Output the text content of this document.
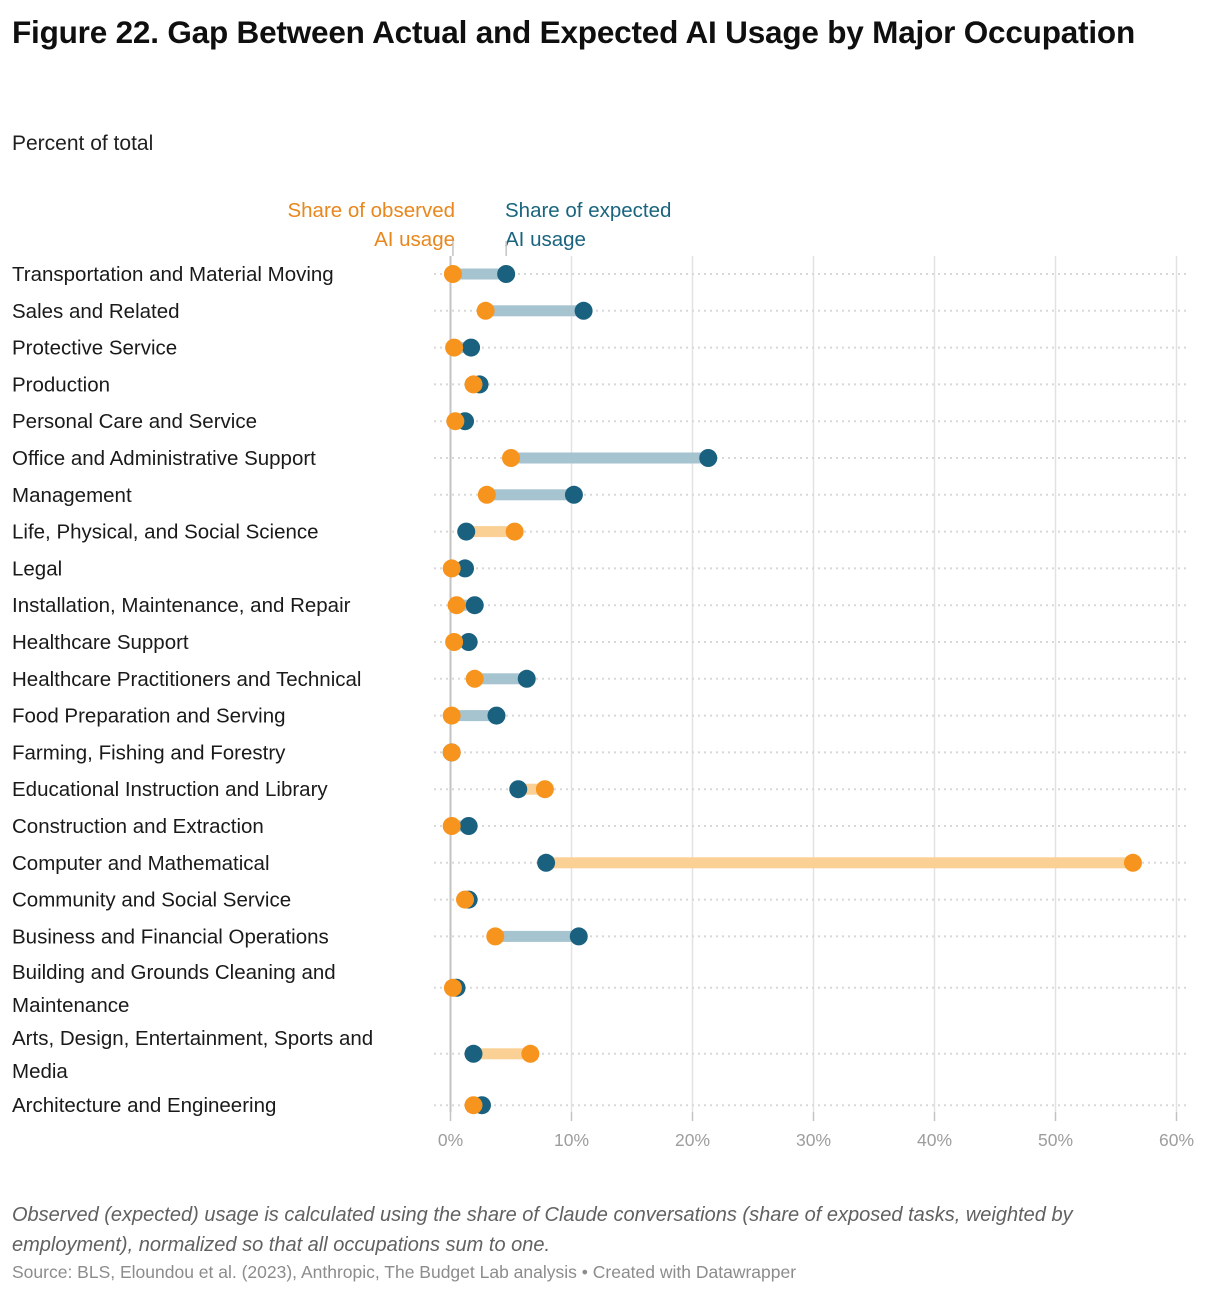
Figure 22. Gap Between Actual and Expected AI Usage by Major Occupation
Percent of total
Share of observed
AI usage
Share of expected
AI usage
0%	10%	20%	30%	40%	50%	60%
Transportation and Material Moving
Sales and Related
Protective Service
Production
Personal Care and Service
Office and Administrative Support
Management
Life, Physical, and Social Science
Legal
Installation, Maintenance, and Repair
Healthcare Support
Healthcare Practitioners and Technical
Food Preparation and Serving
Farming, Fishing and Forestry
Educational Instruction and Library
Construction and Extraction
Computer and Mathematical
Community and Social Service
Business and Financial Operations
Building and Grounds Cleaning and Maintenance
Arts, Design, Entertainment, Sports and Media
Architecture and Engineering
Observed (expected) usage is calculated using the share of Claude conversations (share of exposed tasks, weighted by employment), normalized so that all occupations sum to one.
Source: BLS, Eloundou et al. (2023), Anthropic, The Budget Lab analysis • Created with Datawrapper
